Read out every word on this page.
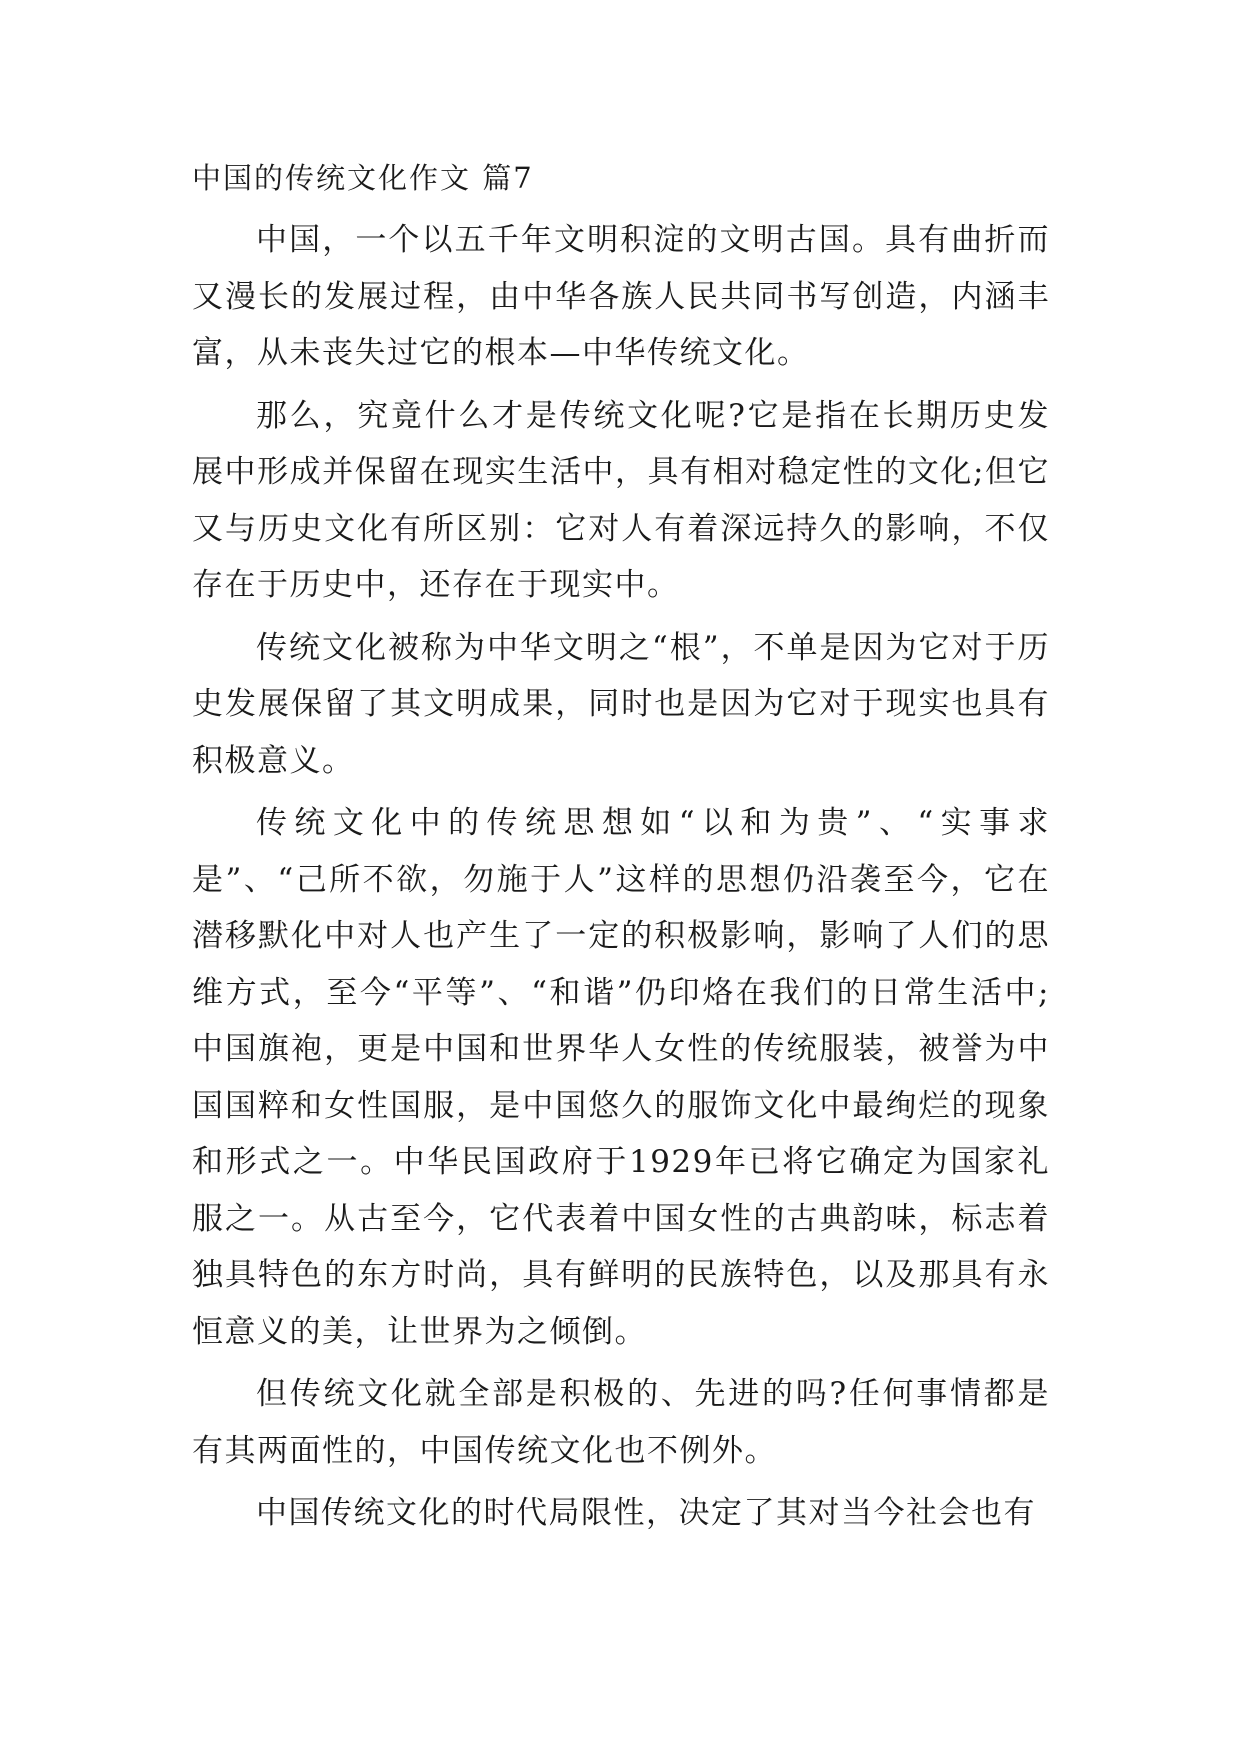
中国的传统文化作文 篇7

中国，一个以五千年文明积淀的文明古国。具有曲折而又漫长的发展过程，由中华各族人民共同书写创造，内涵丰富，从未丧失过它的根本—中华传统文化。

那么，究竟什么才是传统文化呢?它是指在长期历史发展中形成并保留在现实生活中，具有相对稳定性的文化;但它又与历史文化有所区别：它对人有着深远持久的影响，不仅存在于历史中，还存在于现实中。

传统文化被称为中华文明之“根”，不单是因为它对于历史发展保留了其文明成果，同时也是因为它对于现实也具有积极意义。

传统文化中的传统思想如“以和为贵”、“实事求是”、“己所不欲，勿施于人”这样的思想仍沿袭至今，它在潜移默化中对人也产生了一定的积极影响，影响了人们的思维方式，至今“平等”、“和谐”仍印烙在我们的日常生活中;中国旗袍，更是中国和世界华人女性的传统服装，被誉为中国国粹和女性国服，是中国悠久的服饰文化中最绚烂的现象和形式之一。中华民国政府于1929年已将它确定为国家礼服之一。从古至今，它代表着中国女性的古典韵味，标志着独具特色的东方时尚，具有鲜明的民族特色，以及那具有永恒意义的美，让世界为之倾倒。

但传统文化就全部是积极的、先进的吗?任何事情都是有其两面性的，中国传统文化也不例外。

中国传统文化的时代局限性，决定了其对当今社会也有
